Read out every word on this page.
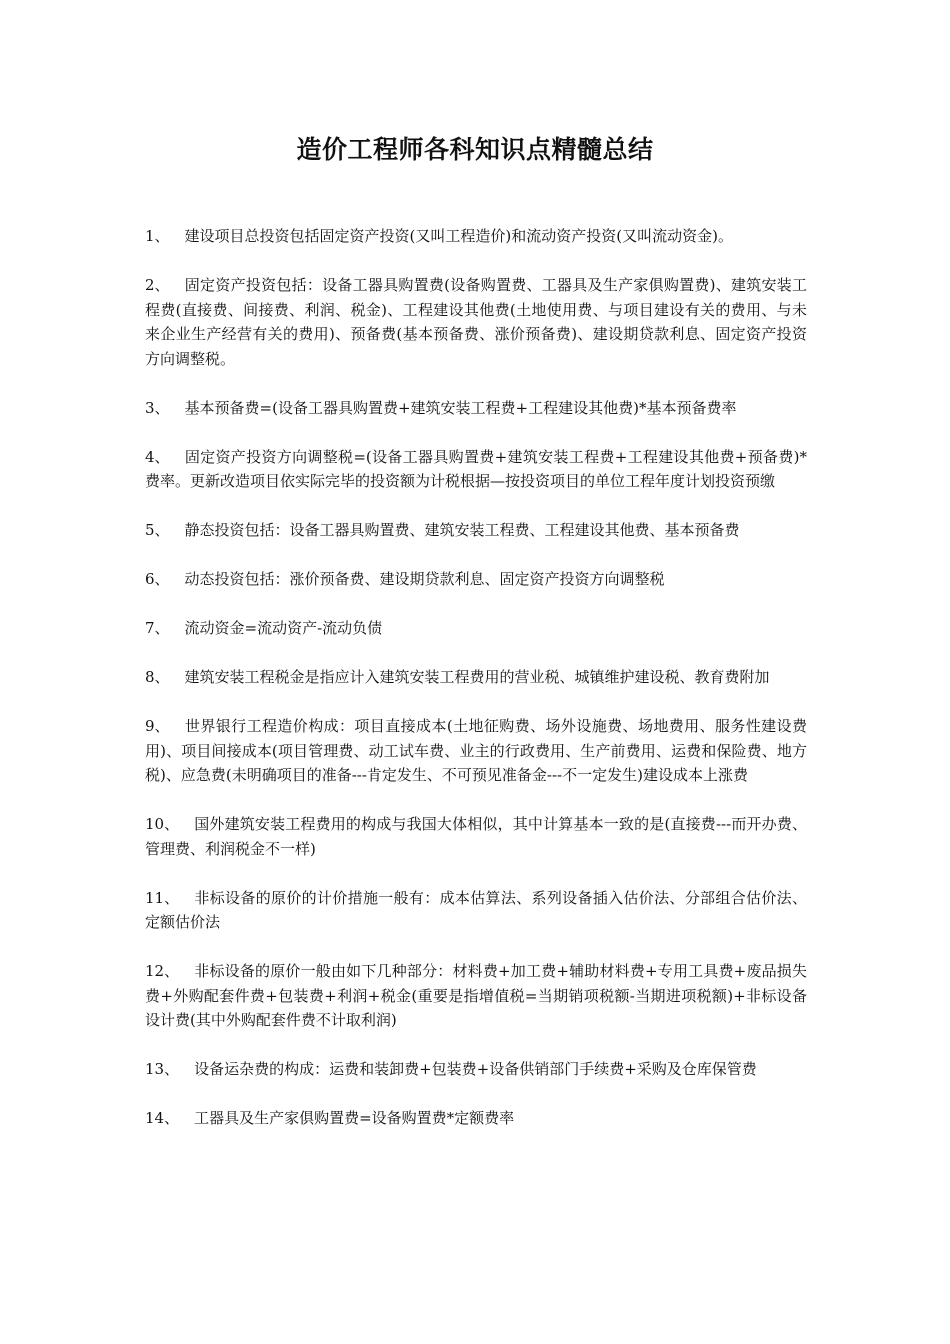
造价工程师各科知识点精髓总结
1、 建设项目总投资包括固定资产投资(又叫工程造价)和流动资产投资(又叫流动资金)。
2、 固定资产投资包括：设备工器具购置费(设备购置费、工器具及生产家俱购置费)、建筑安装工程费(直接费、间接费、利润、税金)、工程建设其他费(土地使用费、与项目建设有关的费用、与未来企业生产经营有关的费用)、预备费(基本预备费、涨价预备费)、建设期贷款利息、固定资产投资方向调整税。
3、 基本预备费=(设备工器具购置费+建筑安装工程费+工程建设其他费)*基本预备费率
4、 固定资产投资方向调整税=(设备工器具购置费+建筑安装工程费+工程建设其他费+预备费)*费率。更新改造项目依实际完毕的投资额为计税根据—按投资项目的单位工程年度计划投资预缴
5、 静态投资包括：设备工器具购置费、建筑安装工程费、工程建设其他费、基本预备费
6、 动态投资包括：涨价预备费、建设期贷款利息、固定资产投资方向调整税
7、 流动资金=流动资产-流动负债
8、 建筑安装工程税金是指应计入建筑安装工程费用的营业税、城镇维护建设税、教育费附加
9、 世界银行工程造价构成：项目直接成本(土地征购费、场外设施费、场地费用、服务性建设费用)、项目间接成本(项目管理费、动工试车费、业主的行政费用、生产前费用、运费和保险费、地方税)、应急费(未明确项目的准备---肯定发生、不可预见准备金---不一定发生)建设成本上涨费
10、 国外建筑安装工程费用的构成与我国大体相似，其中计算基本一致的是(直接费---而开办费、管理费、利润税金不一样)
11、 非标设备的原价的计价措施一般有：成本估算法、系列设备插入估价法、分部组合估价法、定额估价法
12、 非标设备的原价一般由如下几种部分：材料费+加工费+辅助材料费+专用工具费+废品损失费+外购配套件费+包装费+利润+税金(重要是指增值税=当期销项税额-当期进项税额)+非标设备设计费(其中外购配套件费不计取利润)
13、 设备运杂费的构成：运费和装卸费+包装费+设备供销部门手续费+采购及仓库保管费
14、 工器具及生产家俱购置费=设备购置费*定额费率
